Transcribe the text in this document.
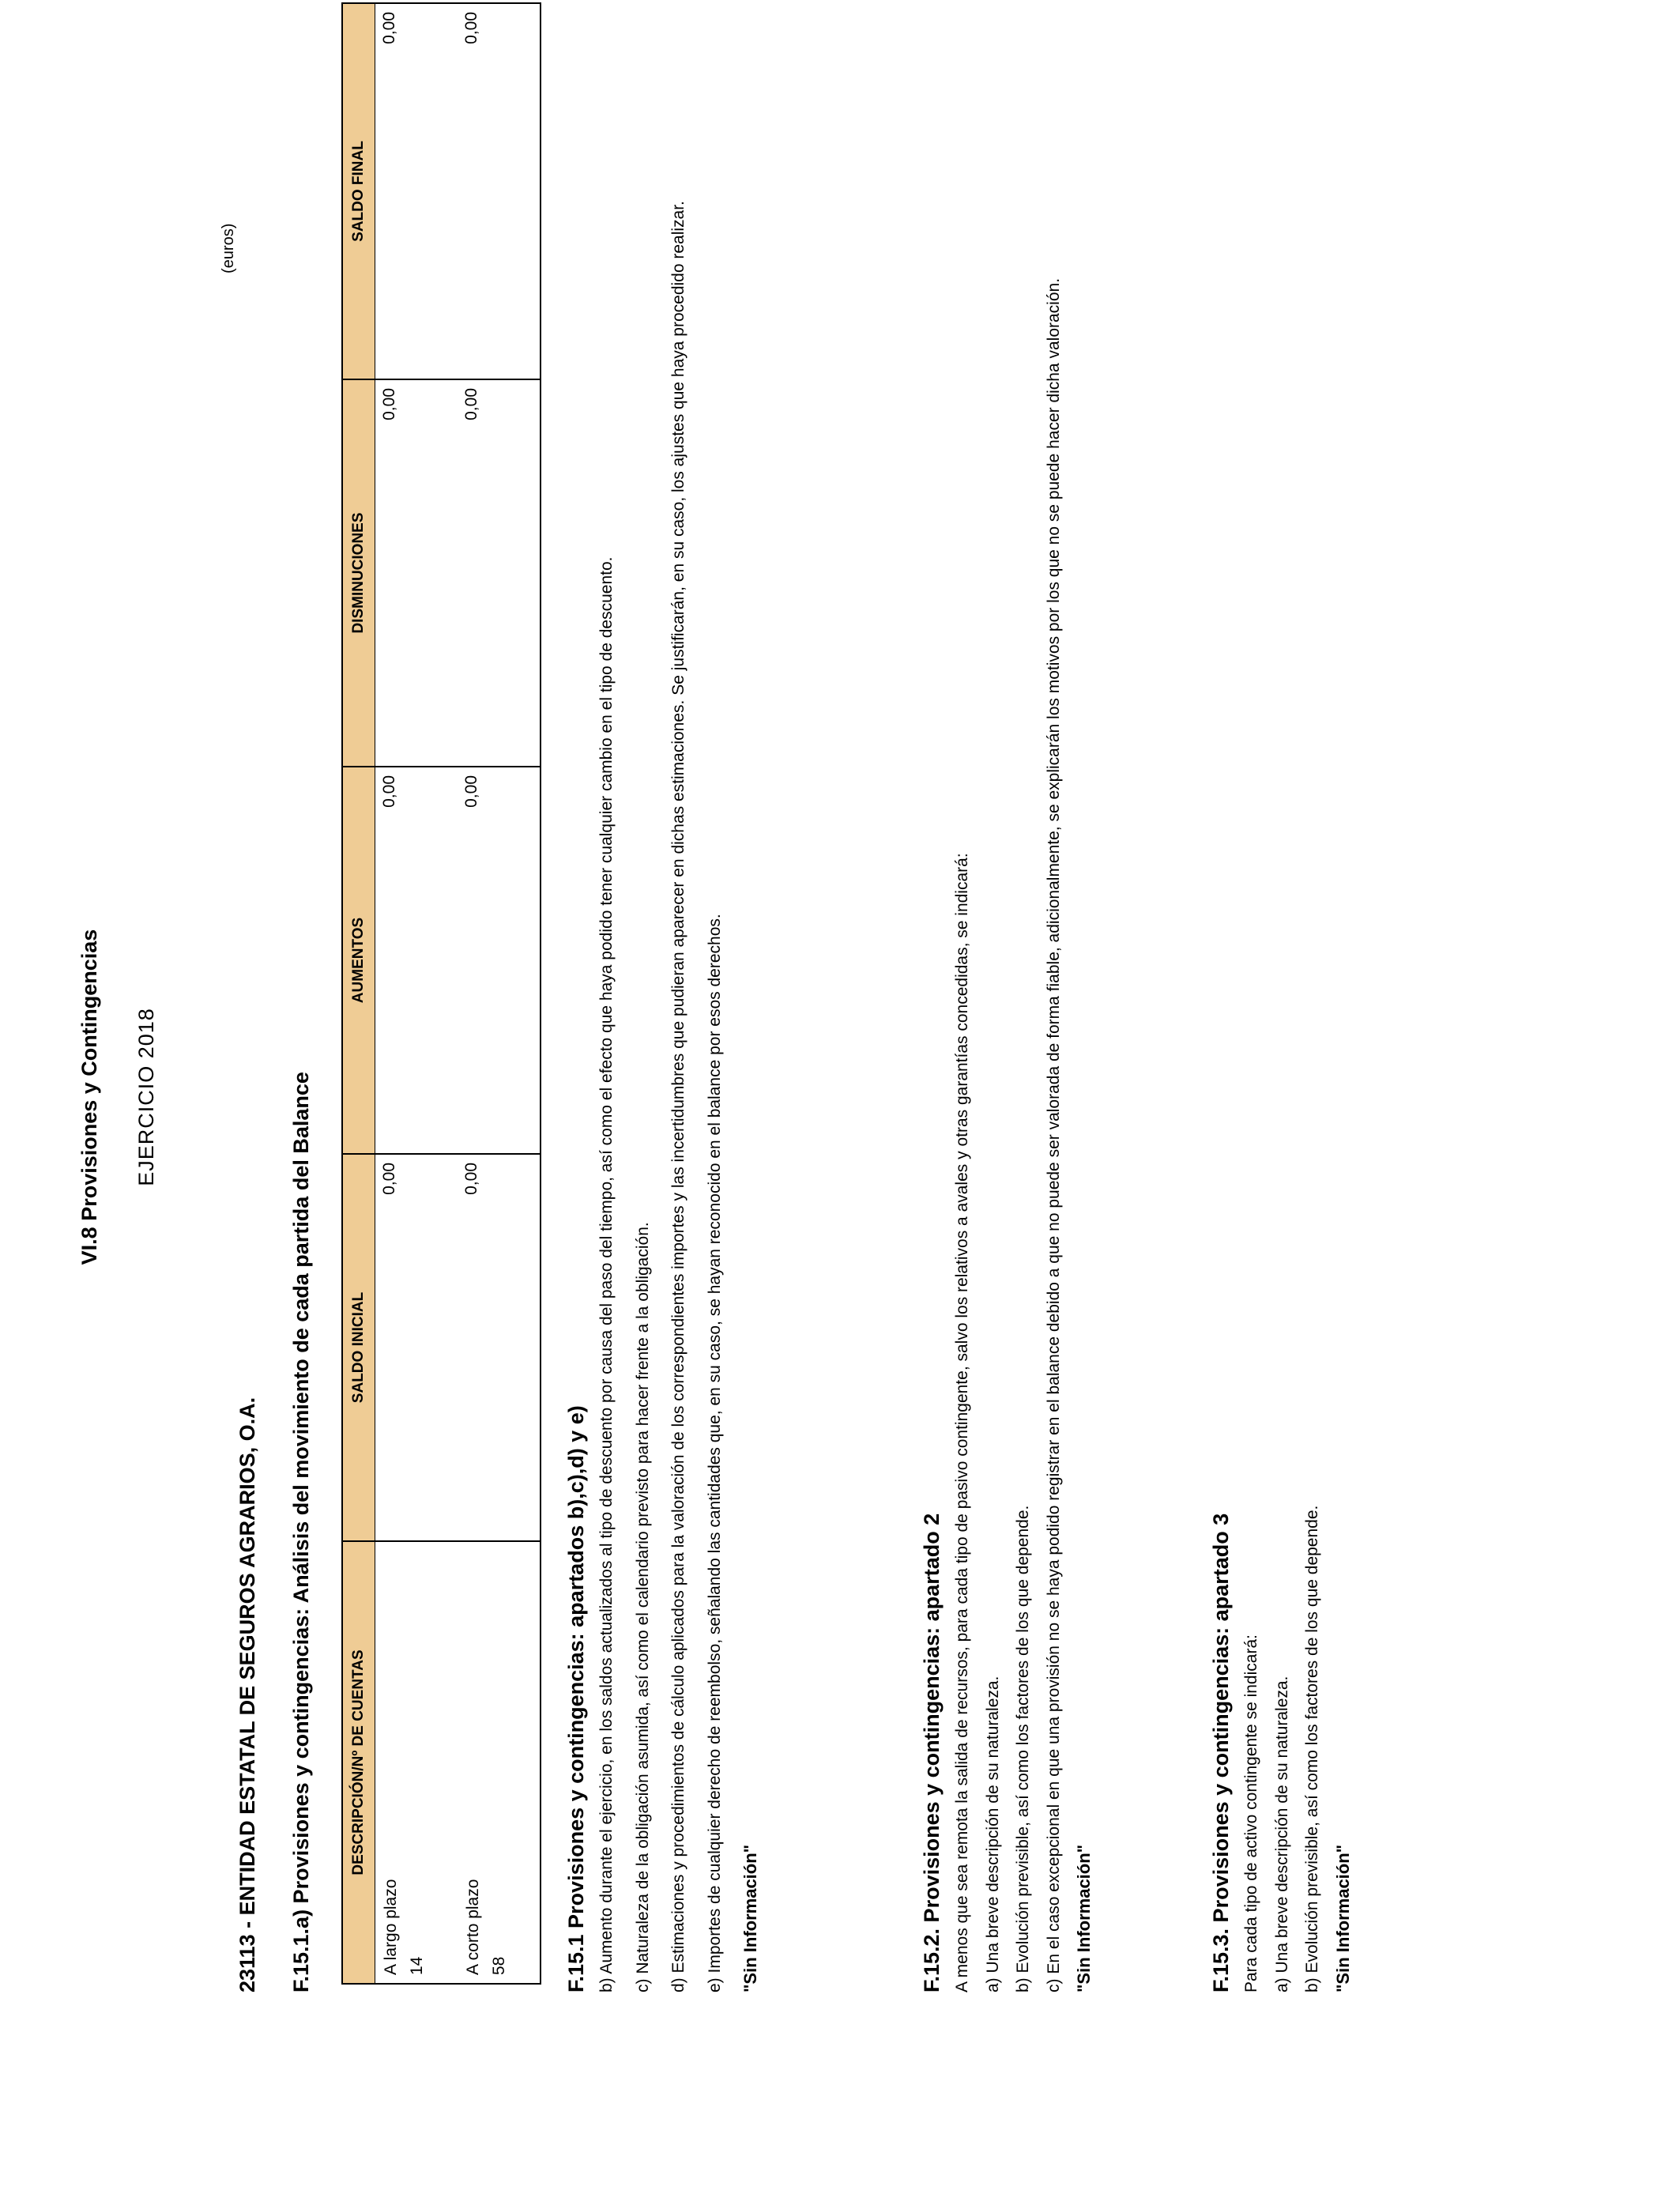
VI.8 Provisiones y Contingencias EJERCICIO 2018
23113 - ENTIDAD ESTATAL DE SEGUROS AGRARIOS, O.A.
(euros)
F.15.1.a) Provisiones y contingencias: Análisis del movimiento de cada partida del Balance DESCRIPCIÓN/Nº DE CUENTAS	SALDO INICIAL	AUMENTOS	DISMINUCIONES	SALDO FINAL

A largo plazo 14	0,00	0,00	0,00	0,00

A corto plazo 58	0,00	0,00	0,00	0,00
F.15.1 Provisiones y contingencias: apartados b),c),d) y e) b) Aumento durante el ejercicio, en los saldos actualizados al tipo de descuento por causa del paso del tiempo, así como el efecto que haya podido tener cualquier cambio en el tipo de descuento. c) Naturaleza de la obligación asumida, así como el calendario previsto para hacer frente a la obligación. d) Estimaciones y procedimientos de cálculo aplicados para la valoración de los correspondientes importes y las incertidumbres que pudieran aparecer en dichas estimaciones. Se justificarán, en su caso, los ajustes que haya procedido realizar. e) Importes de cualquier derecho de reembolso, señalando las cantidades que, en su caso, se hayan reconocido en el balance por esos derechos. "Sin Información"	F.15.2. Provisiones y contingencias: apartado 2 A menos que sea remota la salida de recursos, para cada tipo de pasivo contingente, salvo los relativos a avales y otras garantías concedidas, se indicará: a) Una breve descripción de su naturaleza. b) Evolución previsible, así como los factores de los que depende. c) En el caso excepcional en que una provisión no se haya podido registrar en el balance debido a que no puede ser valorada de forma fiable, adicionalmente, se explicarán los motivos por los que no se puede hacer dicha valoración. "Sin Información"	F.15.3. Provisiones y contingencias: apartado 3 Para cada tipo de activo contingente se indicará: a) Una breve descripción de su naturaleza. b) Evolución previsible, así como los factores de los que depende. "Sin Información"
